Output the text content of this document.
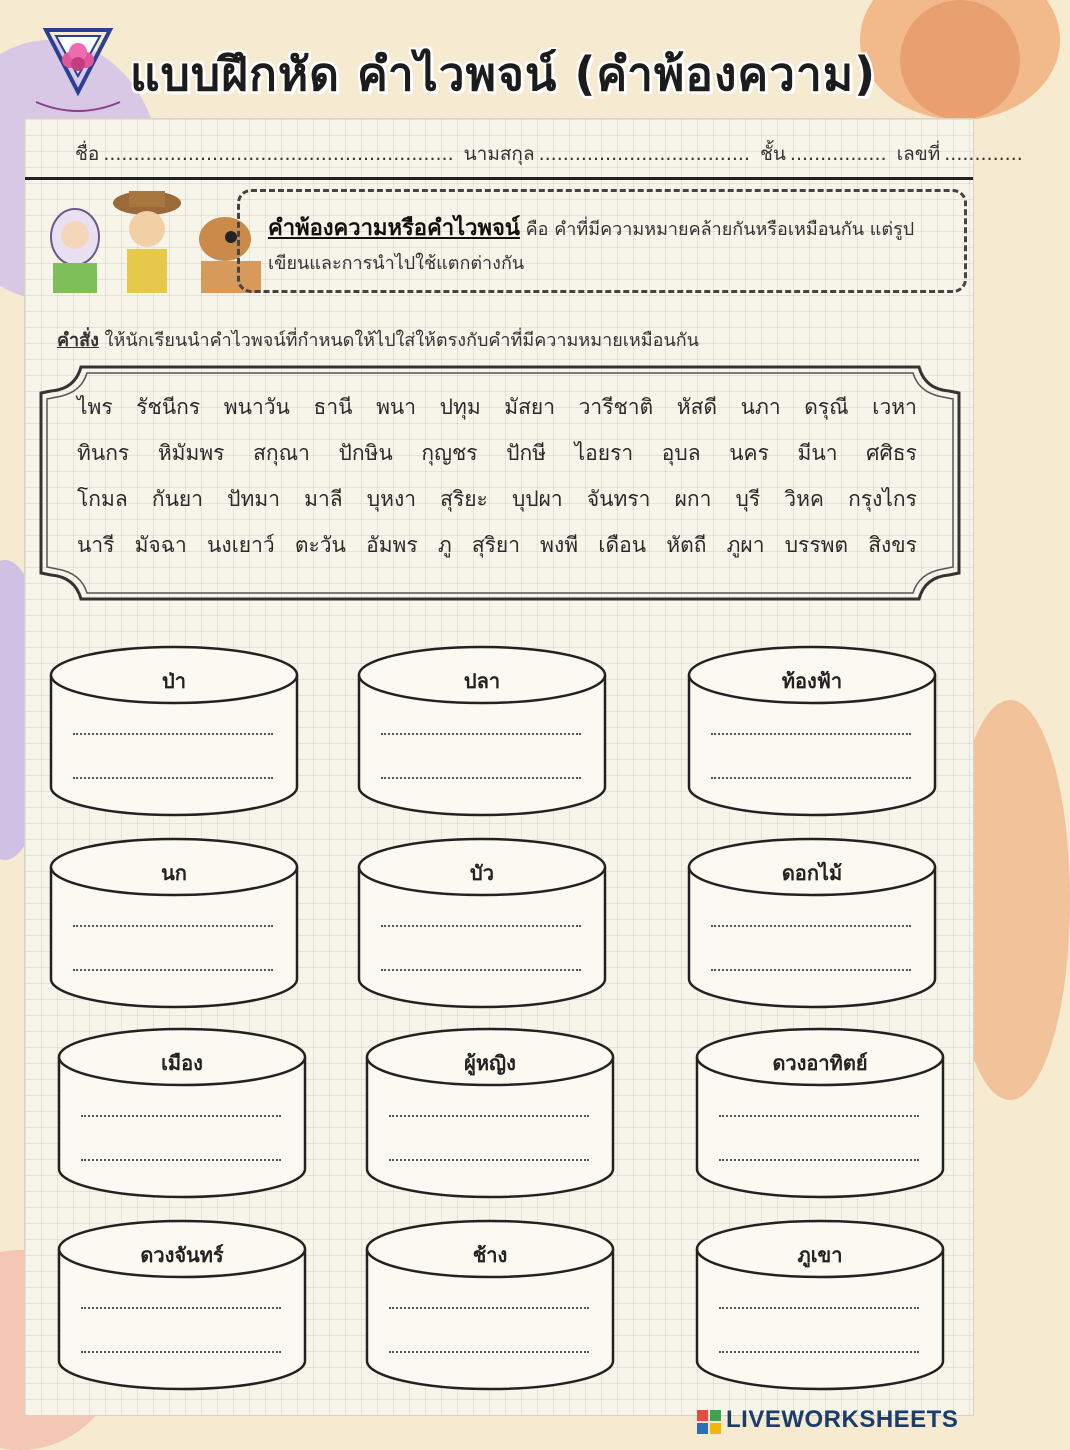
แบบฝึกหัด คำไวพจน์ (คำพ้องความ)
ชื่อ .......................................................... นามสกุล ................................... ชั้น ................ เลขที่ .............
คำพ้องความหรือคำไวพจน์ คือ คำที่มีความหมายคล้ายกันหรือเหมือนกัน แต่รูปเขียนและการนำไปใช้แตกต่างกัน
คำสั่ง ให้นักเรียนนำคำไวพจน์ที่กำหนดให้ไปใส่ให้ตรงกับคำที่มีความหมายเหมือนกัน
ไพร รัชนีกร พนาวัน ธานี พนา ปทุม มัสยา วารีชาติ หัสดี นภา ดรุณี เวหา
ทินกร หิมัมพร สกุณา ปักษิน กุญชร ปักษี ไอยรา อุบล นคร มีนา ศศิธร
โกมล กันยา ปัทมา มาลี บุหงา สุริยะ บุปผา จันทรา ผกา บุรี วิหค กรุงไกร
นารี มัจฉา นงเยาว์ ตะวัน อัมพร ภู สุริยา พงพี เดือน หัตถี ภูผา บรรพต สิงขร
ป่า	ปลา	ท้องฟ้า
นก	บัว	ดอกไม้
เมือง	ผู้หญิง	ดวงอาทิตย์
ดวงจันทร์	ช้าง	ภูเขา
LIVEWORKSHEETS
